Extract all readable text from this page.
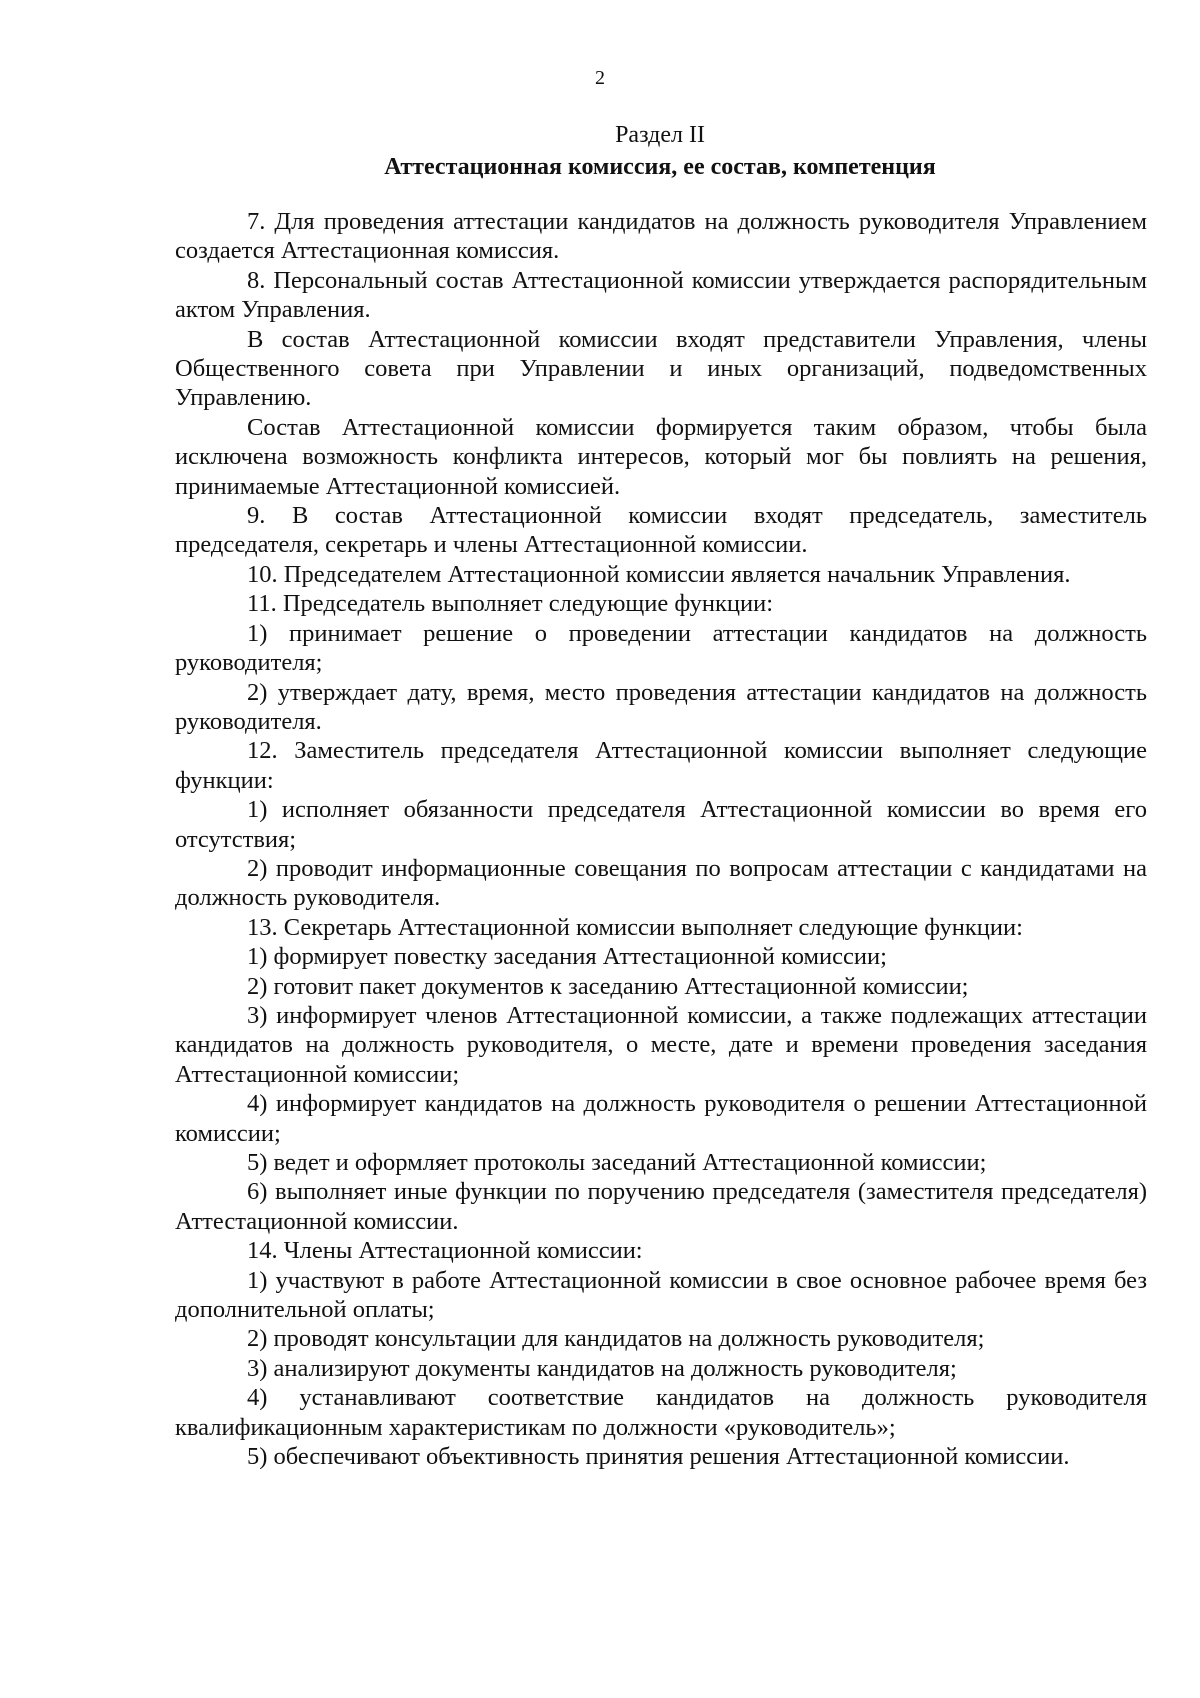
2
Раздел II
Аттестационная комиссия, ее состав, компетенция

7. Для проведения аттестации кандидатов на должность руководителя Управлением создается Аттестационная комиссия.

8. Персональный состав Аттестационной комиссии утверждается распорядительным актом Управления.

В состав Аттестационной комиссии входят представители Управления, члены Общественного совета при Управлении и иных организаций, подведомственных Управлению.

Состав Аттестационной комиссии формируется таким образом, чтобы была исключена возможность конфликта интересов, который мог бы повлиять на решения, принимаемые Аттестационной комиссией.

9. В состав Аттестационной комиссии входят председатель, заместитель председателя, секретарь и члены Аттестационной комиссии.

10. Председателем Аттестационной комиссии является начальник Управления.

11. Председатель выполняет следующие функции:

1) принимает решение о проведении аттестации кандидатов на должность руководителя;

2) утверждает дату, время, место проведения аттестации кандидатов на должность руководителя.

12. Заместитель председателя Аттестационной комиссии выполняет следующие функции:

1) исполняет обязанности председателя Аттестационной комиссии во время его отсутствия;

2) проводит информационные совещания по вопросам аттестации с кандидатами на должность руководителя.

13. Секретарь Аттестационной комиссии выполняет следующие функции:

1) формирует повестку заседания Аттестационной комиссии;

2) готовит пакет документов к заседанию Аттестационной комиссии;

3) информирует членов Аттестационной комиссии, а также подлежащих аттестации кандидатов на должность руководителя, о месте, дате и времени проведения заседания Аттестационной комиссии;

4) информирует кандидатов на должность руководителя о решении Аттестационной комиссии;

5) ведет и оформляет протоколы заседаний Аттестационной комиссии;

6) выполняет иные функции по поручению председателя (заместителя председателя) Аттестационной комиссии.

14. Члены Аттестационной комиссии:

1) участвуют в работе Аттестационной комиссии в свое основное рабочее время без дополнительной оплаты;

2) проводят консультации для кандидатов на должность руководителя;

3) анализируют документы кандидатов на должность руководителя;

4) устанавливают соответствие кандидатов на должность руководителя квалификационным характеристикам по должности «руководитель»;

5) обеспечивают объективность принятия решения Аттестационной комиссии.
